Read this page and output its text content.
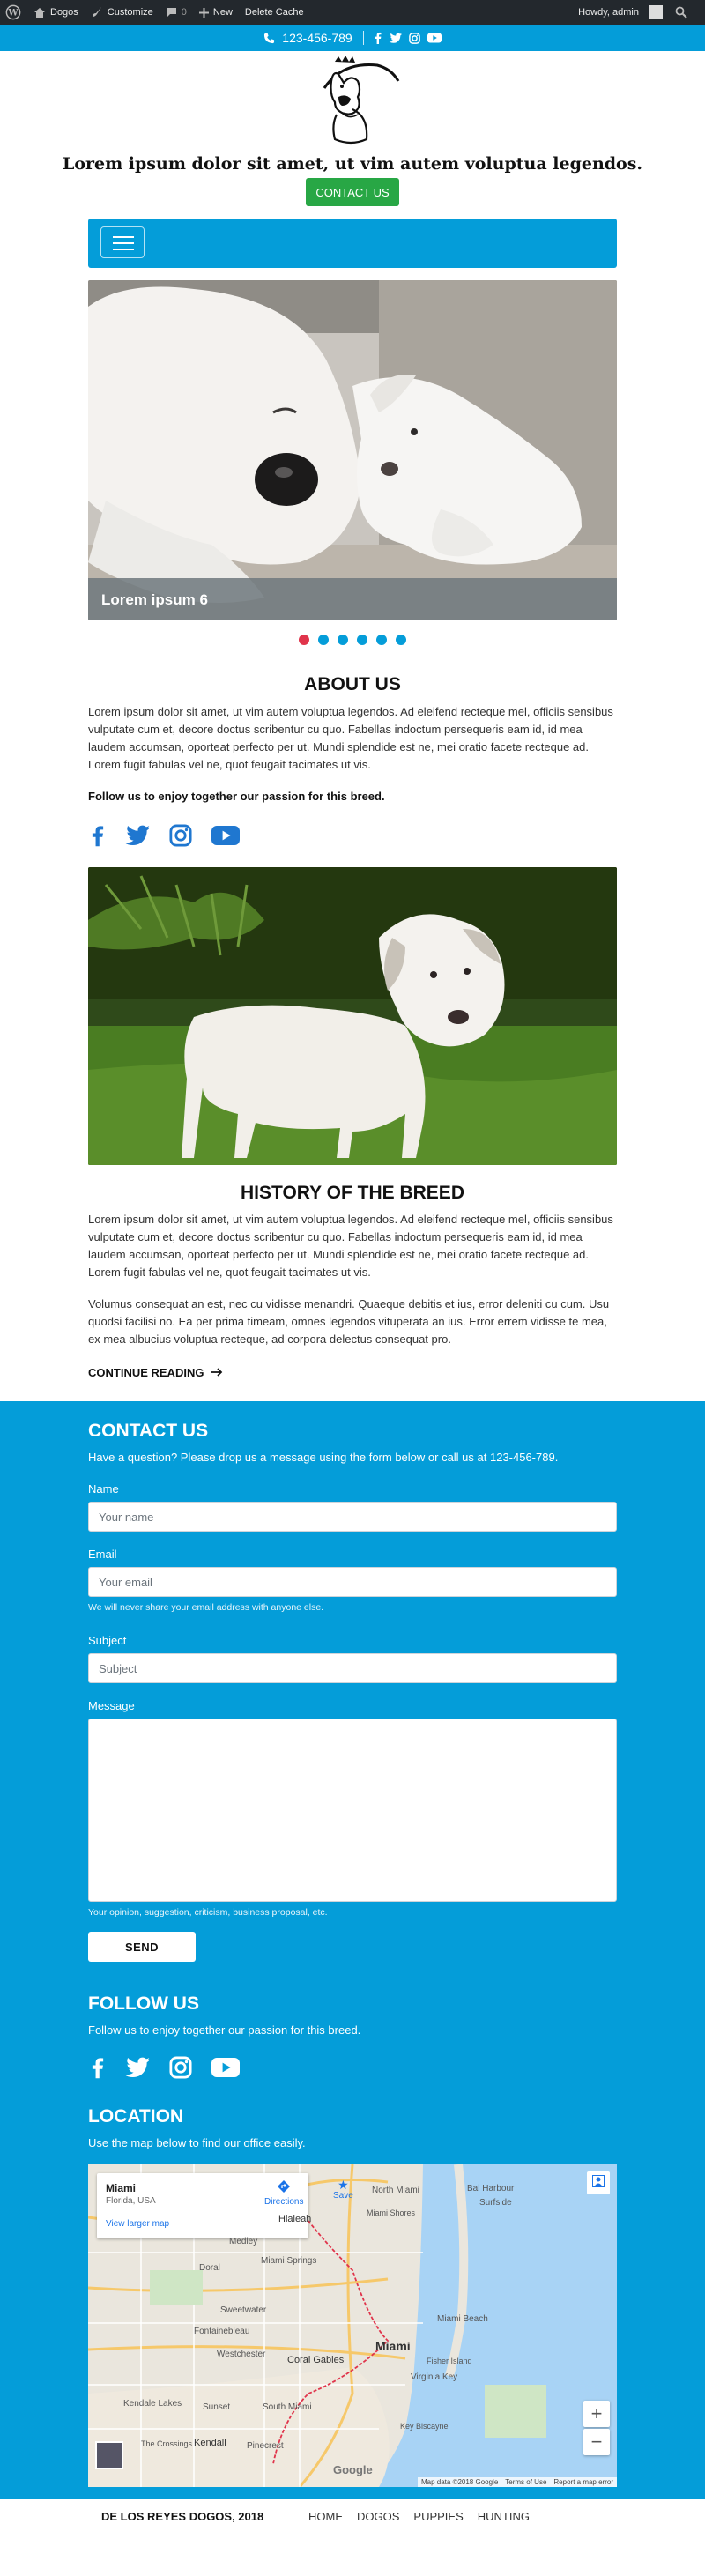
W	Dogos	Customize	0	New Delete Cache	Howdy, admin
123-456-789
Lorem ipsum dolor sit amet, ut vim autem voluptua legendos.
CONTACT US
Lorem ipsum 6
ABOUT US

Lorem ipsum dolor sit amet, ut vim autem voluptua legendos. Ad eleifend recteque mel, officiis sensibus vulputate cum et, decore doctus scribentur cu quo. Fabellas indoctum persequeris eam id, id mea laudem accumsan, oporteat perfecto per ut. Mundi splendide est ne, mei oratio facete recteque ad. Lorem fugit fabulas vel ne, quot feugait tacimates ut vis.

Follow us to enjoy together our passion for this breed.
HISTORY OF THE BREED

Lorem ipsum dolor sit amet, ut vim autem voluptua legendos. Ad eleifend recteque mel, officiis sensibus vulputate cum et, decore doctus scribentur cu quo. Fabellas indoctum persequeris eam id, id mea laudem accumsan, oporteat perfecto per ut. Mundi splendide est ne, mei oratio facete recteque ad. Lorem fugit fabulas vel ne, quot feugait tacimates ut vis.

Volumus consequat an est, nec cu vidisse menandri. Quaeque debitis et ius, error deleniti cu cum. Usu quodsi facilisi no. Ea per prima timeam, omnes legendos vituperata an ius. Error errem vidisse te mea, ex mea albucius voluptua recteque, ad corpora delectus consequat pro.

CONTINUE READING
CONTACT US
Have a question? Please drop us a message using the form below or call us at 123-456-789.
Name
Your name
Email
Your email
We will never share your email address with anyone else.
Subject
Subject
Message
Your opinion, suggestion, criticism, business proposal, etc.
SEND
FOLLOW US
Follow us to enjoy together our passion for this breed.
LOCATION
Use the map below to find our office easily.
Miami
Florida, USA
View larger map
Directions
★
Save
North Miami	Bal Harbour
Surfside
Miami Shores
Hialeah
Medley
Miami Springs
Doral
Sweetwater
Fontainebleau
Westchester
Coral Gables
Miami
Miami Beach
Fisher Island
Virginia Key
Key Biscayne
Kendale Lakes Sunset	South Miami
Pinecrest
Kendall
The Crossings
+
−
Google
Map data ©2018 Google Terms of Use Report a map error
DE LOS REYES DOGOS, 2018	HOME DOGOS PUPPIES HUNTING
